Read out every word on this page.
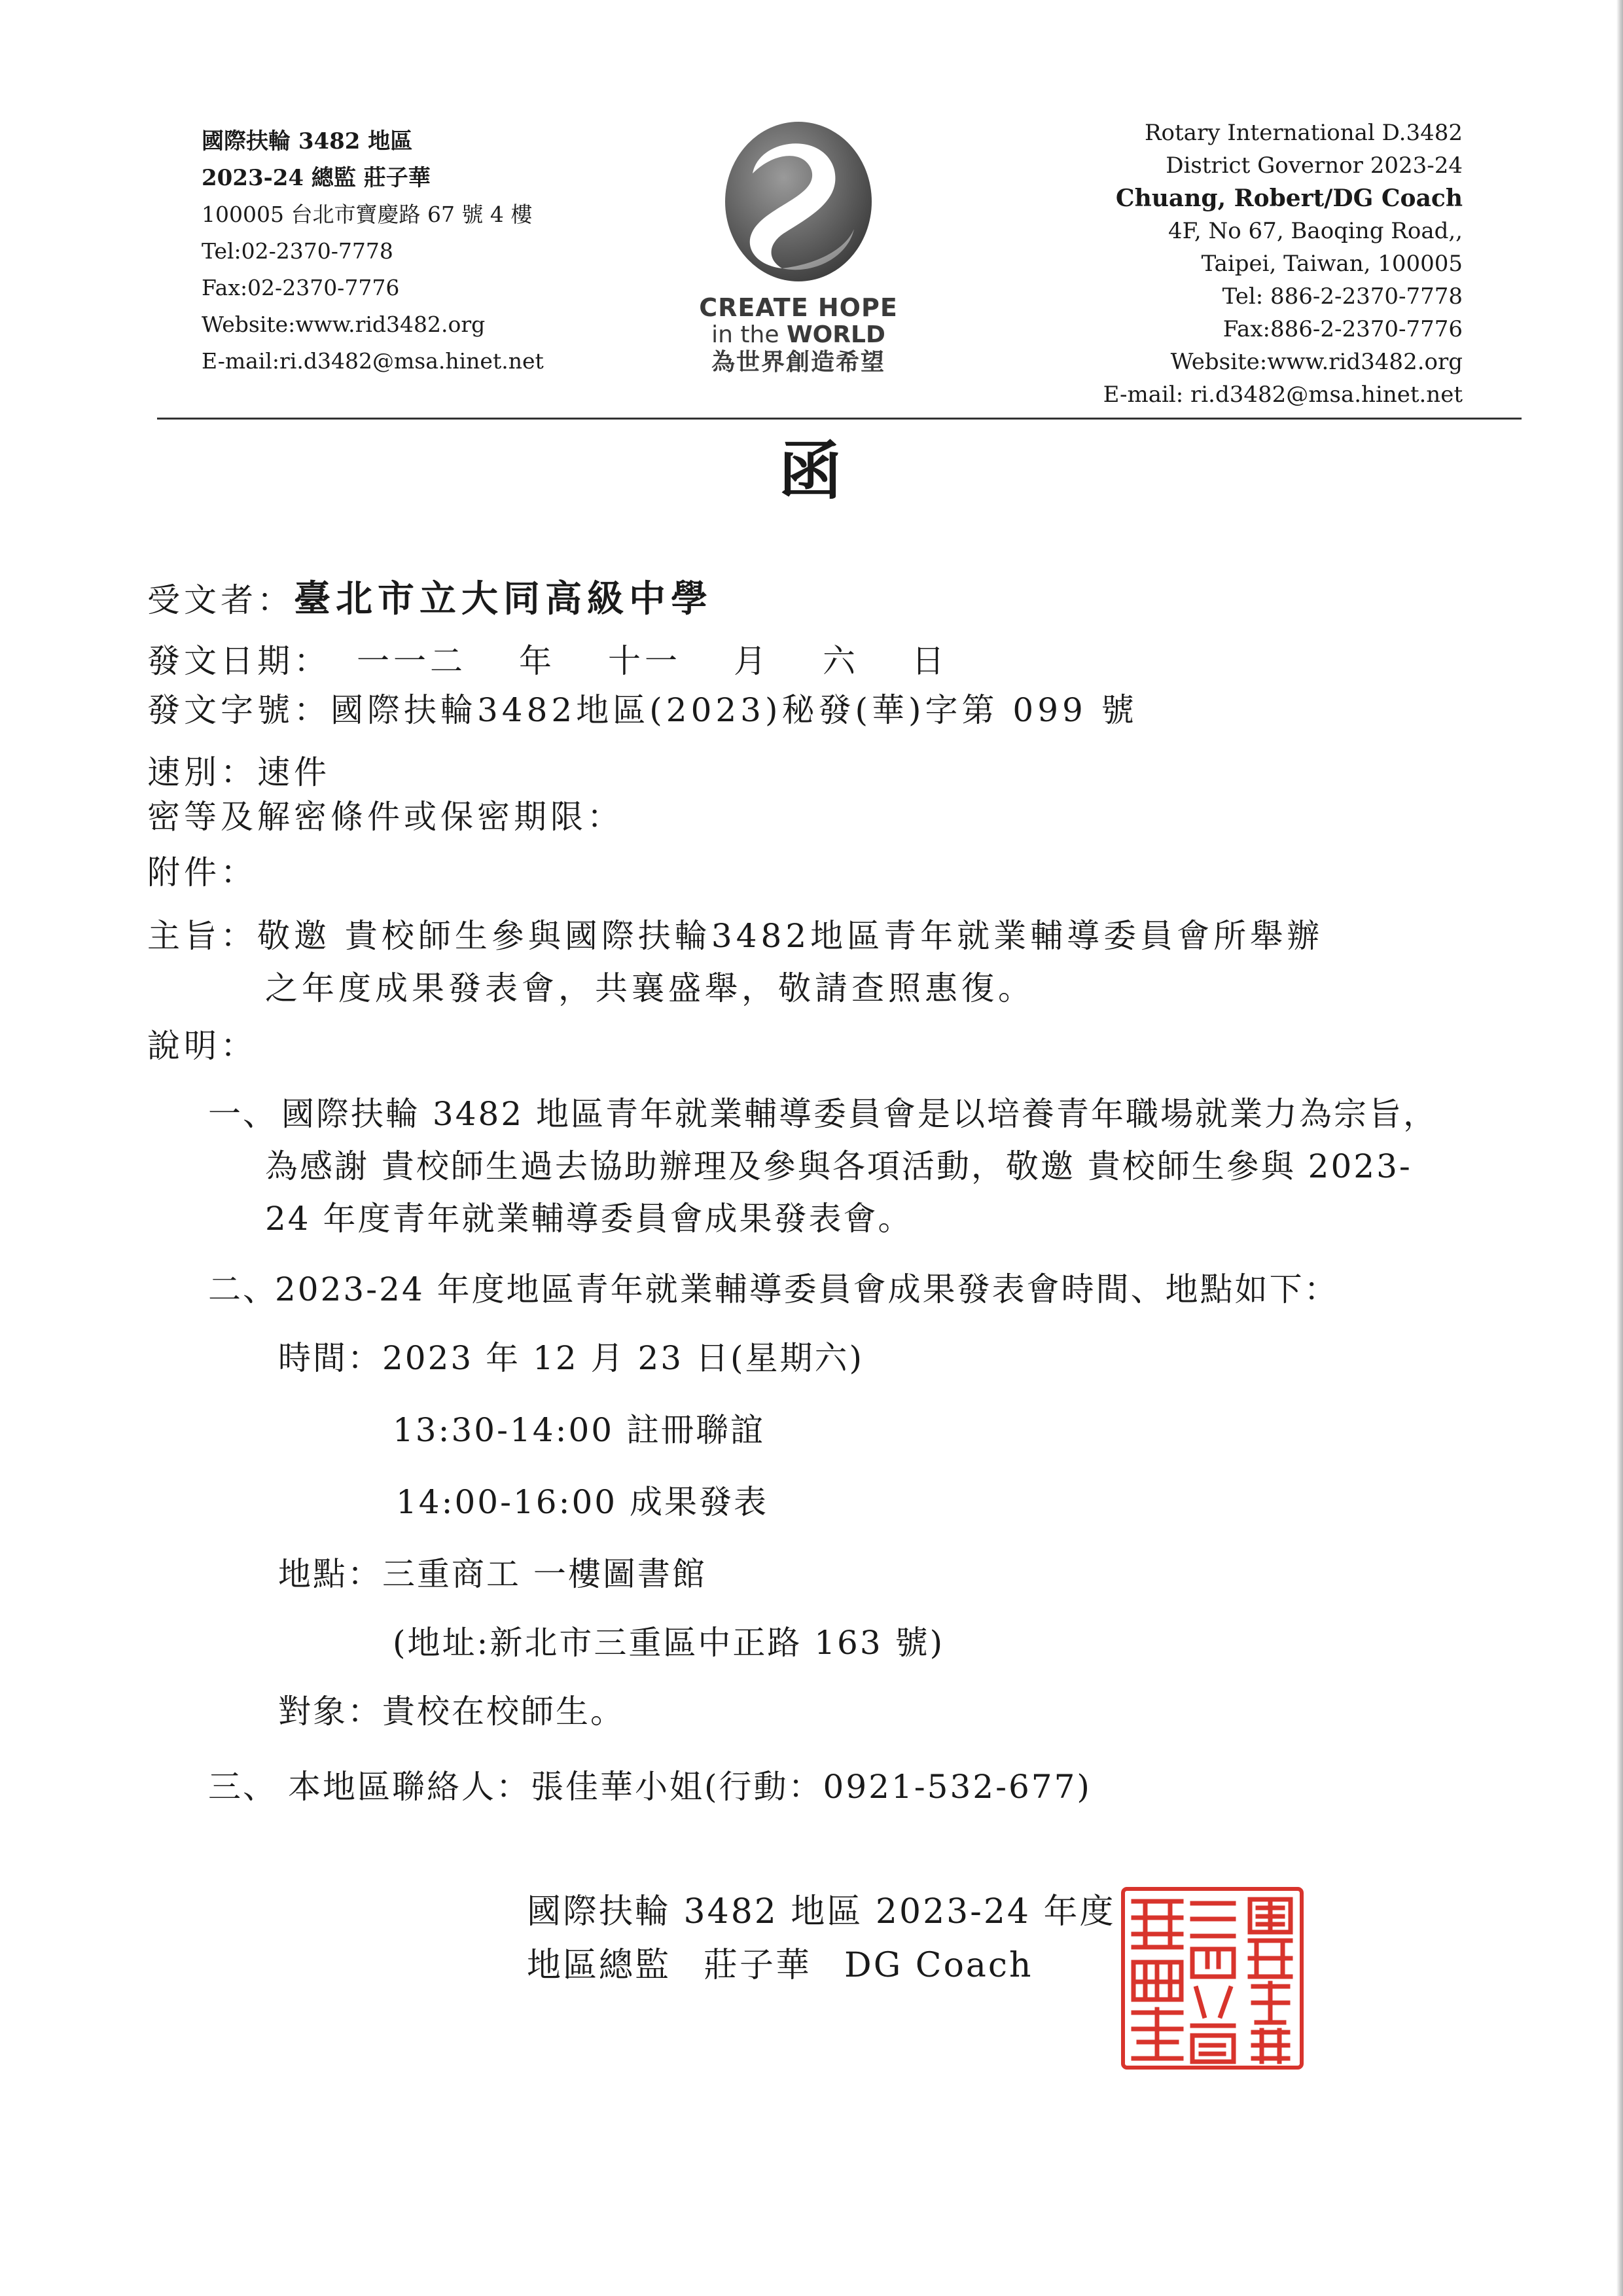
國際扶輪 3482 地區
2023-24 總監 莊子華
100005 台北市寶慶路 67 號 4 樓
Tel:02-2370-7778
Fax:02-2370-7776
Website:www.rid3482.org
E-mail:ri.d3482@msa.hinet.net
CREATE HOPE
in the WORLD
為世界創造希望
Rotary International D.3482
District Governor 2023-24
Chuang, Robert/DG Coach
4F, No 67, Baoqing Road,,
Taipei, Taiwan, 100005
Tel: 886-2-2370-7778
Fax:886-2-2370-7776
Website:www.rid3482.org
E-mail: ri.d3482@msa.hinet.net
函
受文者：臺北市立大同高級中學
發文日期： 一一二 年 十一 月 六 日
發文字號：國際扶輪3482地區(2023)秘發(華)字第 099 號
速別：速件
密等及解密條件或保密期限：
附件：
主旨：敬邀 貴校師生參與國際扶輪3482地區青年就業輔導委員會所舉辦
之年度成果發表會，共襄盛舉，敬請查照惠復。
說明：
一、 國際扶輪 3482 地區青年就業輔導委員會是以培養青年職場就業力為宗旨，
為感謝 貴校師生過去協助辦理及參與各項活動，敬邀 貴校師生參與 2023-
24 年度青年就業輔導委員會成果發表會。
二、
2023-24 年度地區青年就業輔導委員會成果發表會時間、地點如下：
時間：2023 年 12 月 23 日(星期六)
13:30-14:00 註冊聯誼
14:00-16:00 成果發表
地點：三重商工 一樓圖書館
(地址:新北市三重區中正路 163 號)
對象：貴校在校師生。
三、 本地區聯絡人：張佳華小姐(行動：0921-532-677)
國際扶輪 3482 地區 2023-24 年度
地區總監 莊子華 DG Coach
